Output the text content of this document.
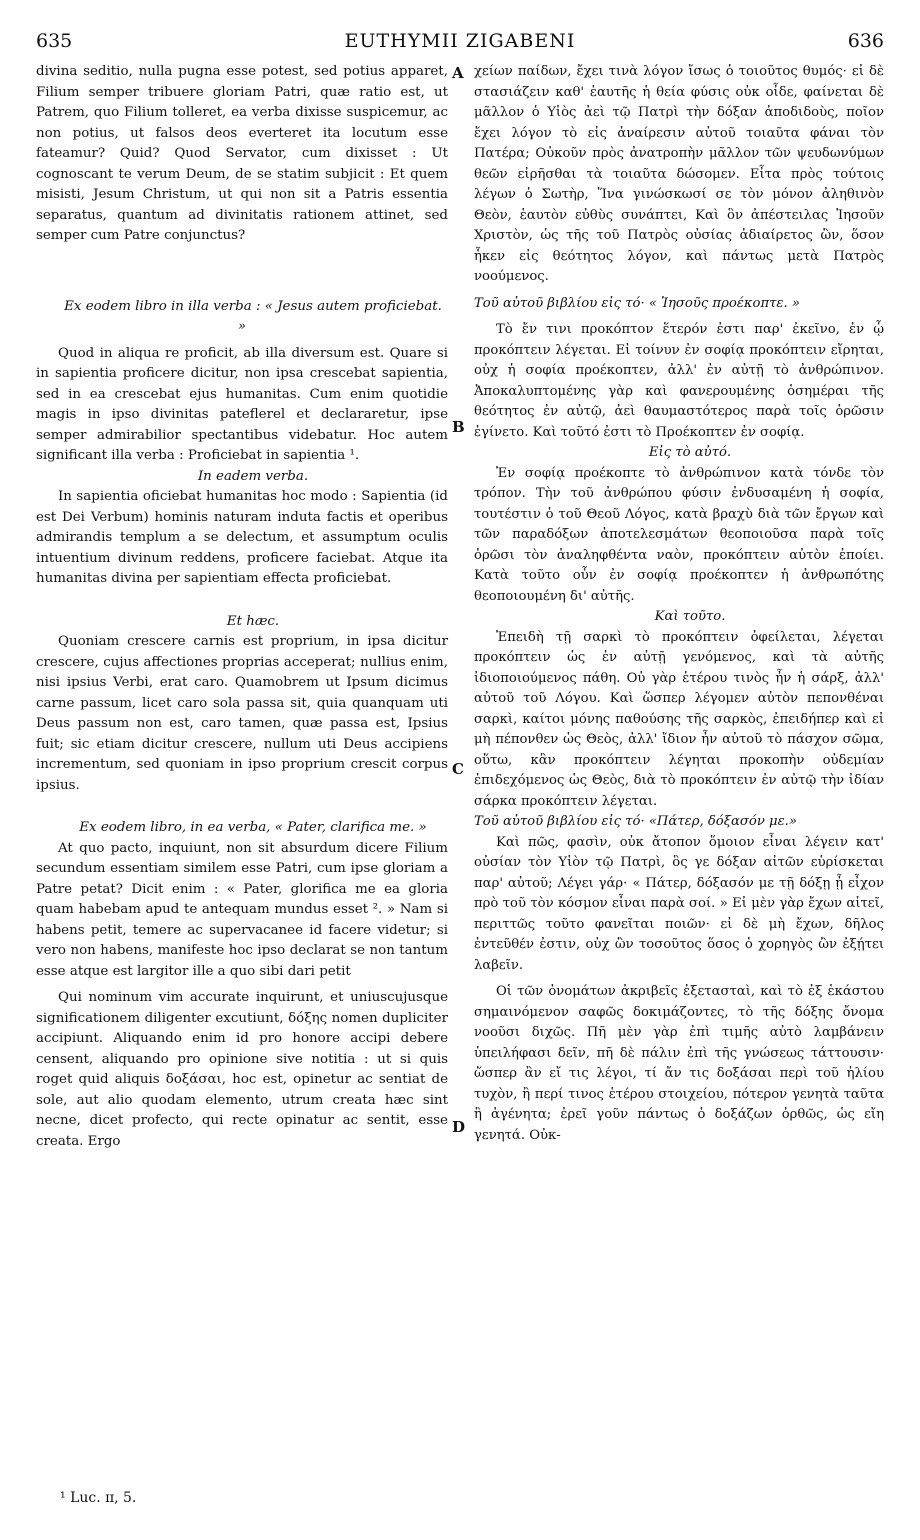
635	EUTHYMII ZIGABENI	636
A
B
C
D

divina seditio, nulla pugna esse potest, sed potius apparet, Filium semper tribuere gloriam Patri, quæ ratio est, ut Patrem, quo Filium tolleret, ea verba dixisse suspicemur, ac non potius, ut falsos deos everteret ita locutum esse fateamur? Quid? Quod Servator, cum dixisset : Ut cognoscant te verum Deum, de se statim subjicit : Et quem misisti, Jesum Christum, ut qui non sit a Patris essentia separatus, quantum ad divinitatis rationem attinet, sed semper cum Patre conjunctus?

Ex eodem libro in illa verba : « Jesus autem proficiebat. »

Quod in aliqua re proficit, ab illa diversum est. Quare si in sapientia proficere dicitur, non ipsa crescebat sapientia, sed in ea crescebat ejus humanitas. Cum enim quotidie magis in ipso divinitas pateflerel et declararetur, ipse semper admirabilior spectantibus videbatur. Hoc autem significant illa verba : Proficiebat in sapientia ¹.

In eadem verba.

In sapientia oficiebat humanitas hoc modo : Sapientia (id est Dei Verbum) hominis naturam induta factis et operibus admirandis templum a se delectum, et assumptum oculis intuentium divinum reddens, proficere faciebat. Atque ita humanitas divina per sapientiam effecta proficiebat.

Et hæc.

Quoniam crescere carnis est proprium, in ipsa dicitur crescere, cujus affectiones proprias acceperat; nullius enim, nisi ipsius Verbi, erat caro. Quamobrem ut Ipsum dicimus carne passum, licet caro sola passa sit, quia quanquam uti Deus passum non est, caro tamen, quæ passa est, Ipsius fuit; sic etiam dicitur crescere, nullum uti Deus accipiens incrementum, sed quoniam in ipso proprium crescit corpus ipsius.

Ex eodem libro, in ea verba, « Pater, clarifica me. »

At quo pacto, inquiunt, non sit absurdum dicere Filium secundum essentiam similem esse Patri, cum ipse gloriam a Patre petat? Dicit enim : « Pater, glorifica me ea gloria quam habebam apud te antequam mundus esset ². » Nam si habens petit, temere ac supervacanee id facere videtur; si vero non habens, manifeste hoc ipso declarat se non tantum esse atque est largitor ille a quo sibi dari petit

Qui nominum vim accurate inquirunt, et uniuscujusque significationem diligenter excutiunt, δόξης nomen dupliciter accipiunt. Aliquando enim id pro honore accipi debere censent, aliquando pro opinione sive notitia : ut si quis roget quid aliquis δοξάσαι, hoc est, opinetur ac sentiat de sole, aut alio quodam elemento, utrum creata hæc sint necne, dicet profecto, qui recte opinatur ac sentit, esse creata. Ergo

χείων παίδων, ἔχει τινὰ λόγον ἴσως ὁ τοιοῦτος θυμός· εἰ δὲ στασιάζειν καθ' ἑαυτῆς ἡ θεία φύσις οὐκ οἶδε, φαίνεται δὲ μᾶλλον ὁ Υἱὸς ἀεὶ τῷ Πατρὶ τὴν δόξαν ἀποδιδοὺς, ποῖον ἔχει λόγον τὸ εἰς ἀναίρεσιν αὐτοῦ τοιαῦτα φάναι τὸν Πατέρα; Οὐκοῦν πρὸς ἀνατροπὴν μᾶλλον τῶν ψευδωνύμων θεῶν εἰρῆσθαι τὰ τοιαῦτα δώσομεν. Εἶτα πρὸς τούτοις λέγων ὁ Σωτὴρ, Ἵνα γινώσκωσί σε τὸν μόνον ἀληθινὸν Θεὸν, ἑαυτὸν εὐθὺς συνάπτει, Καὶ ὃν ἀπέστειλας Ἰησοῦν Χριστὸν, ὡς τῆς τοῦ Πατρὸς οὐσίας ἀδιαίρετος ὢν, ὅσον ἧκεν εἰς θεότητος λόγον, καὶ πάντως μετὰ Πατρὸς νοούμενος.

Τοῦ αὐτοῦ βιβλίου εἰς τό· « Ἰησοῦς προέκοπτε. »

Τὸ ἔν τινι προκόπτον ἕτερόν ἐστι παρ' ἐκεῖνο, ἐν ᾧ προκόπτειν λέγεται. Εἰ τοίνυν ἐν σοφίᾳ προκόπτειν εἴρηται, οὐχ ἡ σοφία προέκοπτεν, ἀλλ' ἐν αὐτῇ τὸ ἀνθρώπινον. Ἀποκαλυπτομένης γὰρ καὶ φανερουμένης ὁσημέραι τῆς θεότητος ἐν αὐτῷ, ἀεὶ θαυμαστότερος παρὰ τοῖς ὁρῶσιν ἐγίνετο. Καὶ τοῦτό ἐστι τὸ Προέκοπτεν ἐν σοφίᾳ.

Εἰς τὸ αὐτό.

Ἐν σοφίᾳ προέκοπτε τὸ ἀνθρώπινον κατὰ τόνδε τὸν τρόπον. Τὴν τοῦ ἀνθρώπου φύσιν ἐνδυσαμένη ἡ σοφία, τουτέστιν ὁ τοῦ Θεοῦ Λόγος, κατὰ βραχὺ διὰ τῶν ἔργων καὶ τῶν παραδόξων ἀποτελεσμάτων θεοποιοῦσα παρὰ τοῖς ὁρῶσι τὸν ἀναληφθέντα ναὸν, προκόπτειν αὐτὸν ἐποίει. Κατὰ τοῦτο οὖν ἐν σοφίᾳ προέκοπτεν ἡ ἀνθρωπότης θεοποιουμένη δι' αὐτῆς.

Καὶ τοῦτο.

Ἐπειδὴ τῇ σαρκὶ τὸ προκόπτειν ὀφείλεται, λέγεται προκόπτειν ὡς ἐν αὐτῇ γενόμενος, καὶ τὰ αὐτῆς ἰδιοποιούμενος πάθη. Οὐ γὰρ ἑτέρου τινὸς ἦν ἡ σάρξ, ἀλλ' αὐτοῦ τοῦ Λόγου. Καὶ ὥσπερ λέγομεν αὐτὸν πεπονθέναι σαρκὶ, καίτοι μόνης παθούσης τῆς σαρκὸς, ἐπειδήπερ καὶ εἰ μὴ πέπονθεν ὡς Θεὸς, ἀλλ' ἴδιον ἦν αὐτοῦ τὸ πάσχον σῶμα, οὕτω, κἂν προκόπτειν λέγηται προκοπὴν οὐδεμίαν ἐπιδεχόμενος ὡς Θεὸς, διὰ τὸ προκόπτειν ἐν αὐτῷ τὴν ἰδίαν σάρκα προκόπτειν λέγεται.

Τοῦ αὐτοῦ βιβλίου εἰς τό· «Πάτερ, δόξασόν με.»

Καὶ πῶς, φασὶν, οὐκ ἄτοπον ὅμοιον εἶναι λέγειν κατ' οὐσίαν τὸν Υἱὸν τῷ Πατρὶ, ὃς γε δόξαν αἰτῶν εὑρίσκεται παρ' αὐτοῦ; Λέγει γάρ· « Πάτερ, δόξασόν με τῇ δόξῃ ᾗ εἶχον πρὸ τοῦ τὸν κόσμον εἶναι παρὰ σοί. » Εἰ μὲν γὰρ ἔχων αἰτεῖ, περιττῶς τοῦτο φανεῖται ποιῶν· εἰ δὲ μὴ ἔχων, δῆλος ἐντεῦθέν ἐστιν, οὐχ ὢν τοσοῦτος ὅσος ὁ χορηγὸς ὢν ἐξῄτει λαβεῖν.

Οἱ τῶν ὀνομάτων ἀκριβεῖς ἐξετασταὶ, καὶ τὸ ἐξ ἑκάστου σημαινόμενον σαφῶς δοκιμάζοντες, τὸ τῆς δόξης ὄνομα νοοῦσι διχῶς. Πῆ μὲν γὰρ ἐπὶ τιμῆς αὐτὸ λαμβάνειν ὑπειλήφασι δεῖν, πῆ δὲ πάλιν ἐπὶ τῆς γνώσεως τάττουσιν· ὥσπερ ἂν εἴ τις λέγοι, τί ἄν τις δοξάσαι περὶ τοῦ ἡλίου τυχὸν, ἢ περί τινος ἑτέρου στοιχείου, πότερον γενητὰ ταῦτα ἢ ἀγένητα; ἐρεῖ γοῦν πάντως ὁ δοξάζων ὀρθῶς, ὡς εἴη γενητά. Οὐκ-

¹ Luc. ɪɪ, 5.
